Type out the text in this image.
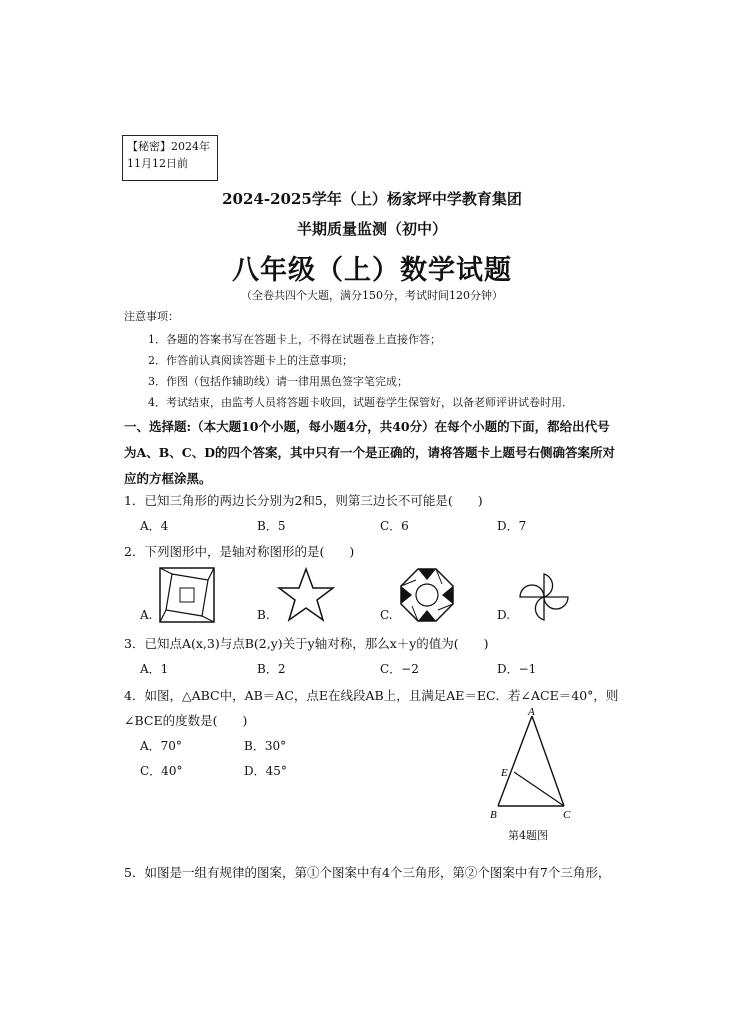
【秘密】2024年
11月12日前
2024-2025学年（上）杨家坪中学教育集团
半期质量监测（初中）
八年级（上）数学试题
（全卷共四个大题，满分150分，考试时间120分钟）
注意事项：
1．各题的答案书写在答题卡上，不得在试题卷上直接作答；
2．作答前认真阅读答题卡上的注意事项；
3．作图（包括作辅助线）请一律用黑色签字笔完成；
4．考试结束，由监考人员将答题卡收回，试题卷学生保管好，以备老师评讲试卷时用．
一、选择题:（本大题10个小题，每小题4分，共40分）在每个小题的下面，都给出代号
为A、B、C、D的四个答案，其中只有一个是正确的，请将答题卡上题号右侧确答案所对
应的方框涂黑。
1．已知三角形的两边长分别为2和5，则第三边长不可能是(　　)
A．4	B．5	C．6	D．7
2．下列图形中，是轴对称图形的是(　　)
A.	B.	C.	D.
3．已知点A(x,3)与点B(2,y)关于y轴对称，那么x＋y的值为(　　)
A．1	B．2	C．−2	D．−1
4．如图，△ABC中，AB＝AC，点E在线段AB上，且满足AE＝EC．若∠ACE＝40°，则
∠BCE的度数是(　　)
A．70°	B．30°
C．40°	D．45°
A
E
B	C
第4题图
5．如图是一组有规律的图案，第①个图案中有4个三角形，第②个图案中有7个三角形，
